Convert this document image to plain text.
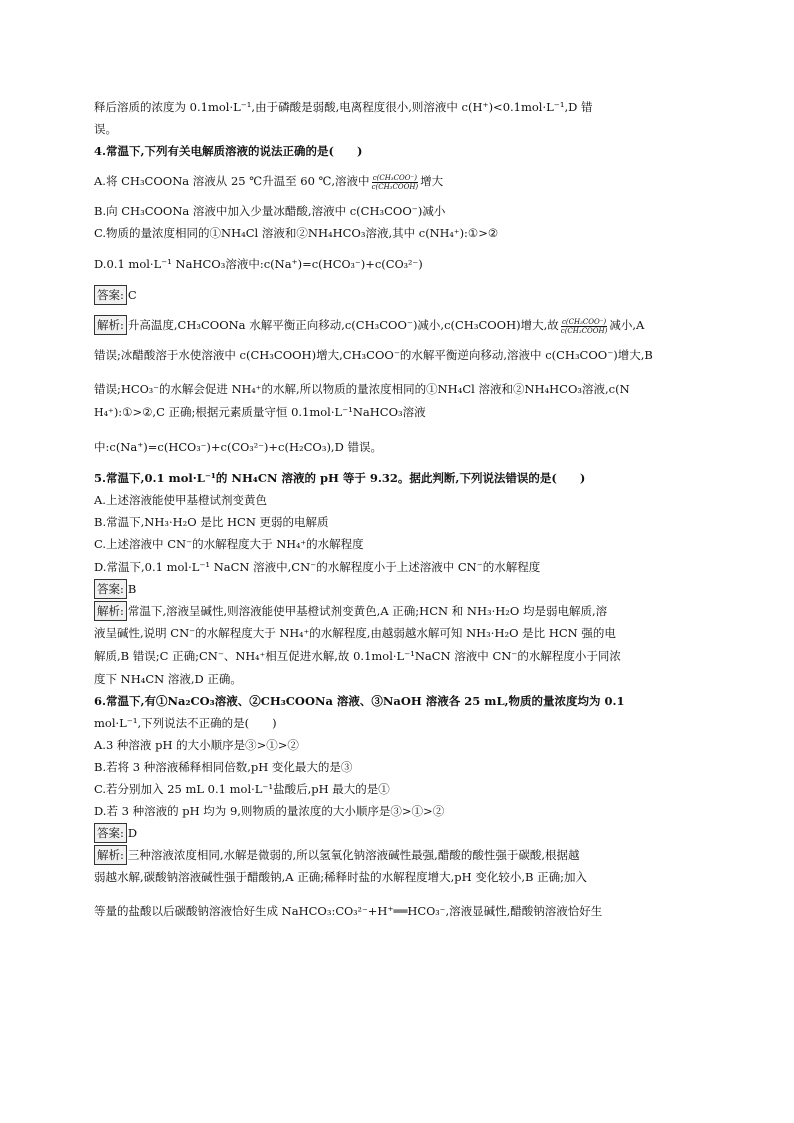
释后溶质的浓度为 0.1mol·L⁻¹,由于磷酸是弱酸,电离程度很小,则溶液中 c(H⁺)<0.1mol·L⁻¹,D 错
误。
4.常温下,下列有关电解质溶液的说法正确的是(　　)
A.将 CH₃COONa 溶液从 25 ℃升温至 60 ℃,溶液中 $\frac{\text{c(CH₃COO⁻)}}{\text{c(CH₃COOH)}}$ 增大
B.向 CH₃COONa 溶液中加入少量冰醋酸,溶液中 c(CH₃COO⁻)减小
C.物质的量浓度相同的①NH₄Cl 溶液和②NH₄HCO₃溶液,其中 c(NH₄⁺):①>②
D.0.1 mol·L⁻¹ NaHCO₃溶液中:c(Na⁺)=c(HCO₃⁻)+c(CO₃²⁻)
答案: C
解析: 升高温度,CH₃COONa 水解平衡正向移动,c(CH₃COO⁻)减小,c(CH₃COOH)增大,故 $\frac{\text{c(CH₃COO⁻)}}{\text{c(CH₃COOH)}}$ 减小,A
错误;冰醋酸溶于水使溶液中 c(CH₃COOH)增大,CH₃COO⁻的水解平衡逆向移动,溶液中 c(CH₃COO⁻)增大,B
错误;HCO₃⁻的水解会促进 NH₄⁺的水解,所以物质的量浓度相同的①NH₄Cl 溶液和②NH₄HCO₃溶液,c(N
H₄⁺):①>②,C 正确;根据元素质量守恒 0.1mol·L⁻¹NaHCO₃溶液
中:c(Na⁺)=c(HCO₃⁻)+c(CO₃²⁻)+c(H₂CO₃),D 错误。
5.常温下,0.1 mol·L⁻¹的 NH₄CN 溶液的 pH 等于 9.32。据此判断,下列说法错误的是(　　)
A.上述溶液能使甲基橙试剂变黄色
B.常温下,NH₃·H₂O 是比 HCN 更弱的电解质
C.上述溶液中 CN⁻的水解程度大于 NH₄⁺的水解程度
D.常温下,0.1 mol·L⁻¹ NaCN 溶液中,CN⁻的水解程度小于上述溶液中 CN⁻的水解程度
答案: B
解析: 常温下,溶液呈碱性,则溶液能使甲基橙试剂变黄色,A 正确;HCN 和 NH₃·H₂O 均是弱电解质,溶
液呈碱性,说明 CN⁻的水解程度大于 NH₄⁺的水解程度,由越弱越水解可知 NH₃·H₂O 是比 HCN 强的电
解质,B 错误;C 正确;CN⁻、NH₄⁺相互促进水解,故 0.1mol·L⁻¹NaCN 溶液中 CN⁻的水解程度小于同浓
度下 NH₄CN 溶液,D 正确。
6.常温下,有①Na₂CO₃溶液、②CH₃COONa 溶液、③NaOH 溶液各 25 mL,物质的量浓度均为 0.1
mol·L⁻¹,下列说法不正确的是(　　)
A.3 种溶液 pH 的大小顺序是③>①>②
B.若将 3 种溶液稀释相同倍数,pH 变化最大的是③
C.若分别加入 25 mL 0.1 mol·L⁻¹盐酸后,pH 最大的是①
D.若 3 种溶液的 pH 均为 9,则物质的量浓度的大小顺序是③>①>②
答案: D
解析: 三种溶液浓度相同,水解是微弱的,所以氢氧化钠溶液碱性最强,醋酸的酸性强于碳酸,根据越
弱越水解,碳酸钠溶液碱性强于醋酸钠,A 正确;稀释时盐的水解程度增大,pH 变化较小,B 正确;加入
等量的盐酸以后碳酸钠溶液恰好生成 NaHCO₃:CO₃²⁻+H⁺══HCO₃⁻,溶液显碱性,醋酸钠溶液恰好生
